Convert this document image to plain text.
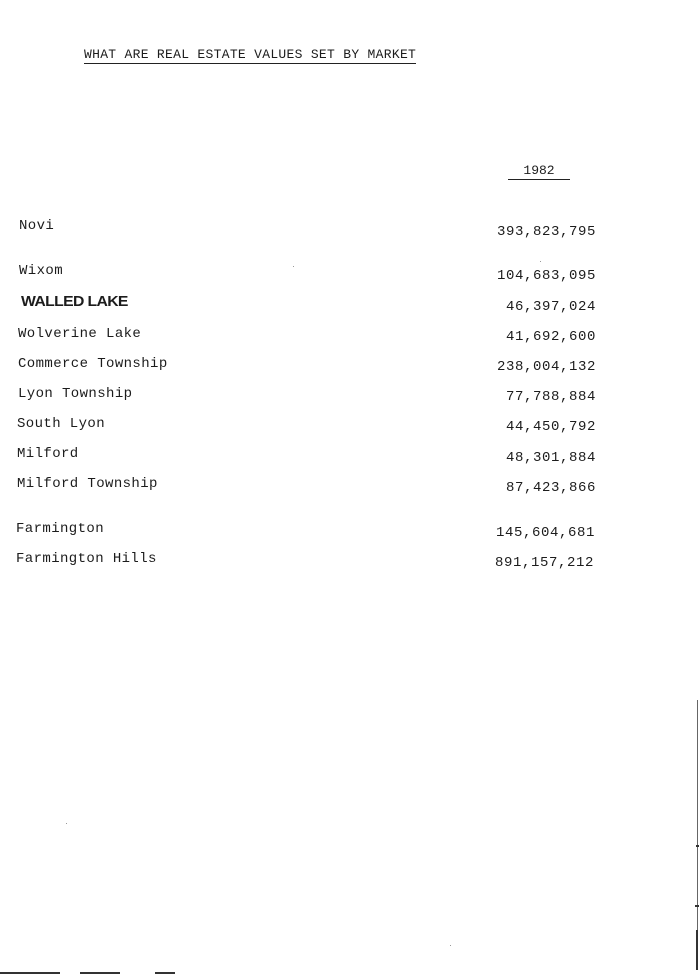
WHAT ARE REAL ESTATE VALUES SET BY MARKET
1982
Novi	393,823,795
Wixom	104,683,095
WALLED LAKE	46,397,024
Wolverine Lake	41,692,600
Commerce Township	238,004,132
Lyon Township	77,788,884
South Lyon	44,450,792
Milford	48,301,884
Milford Township	87,423,866
Farmington	145,604,681
Farmington Hills	891,157,212
